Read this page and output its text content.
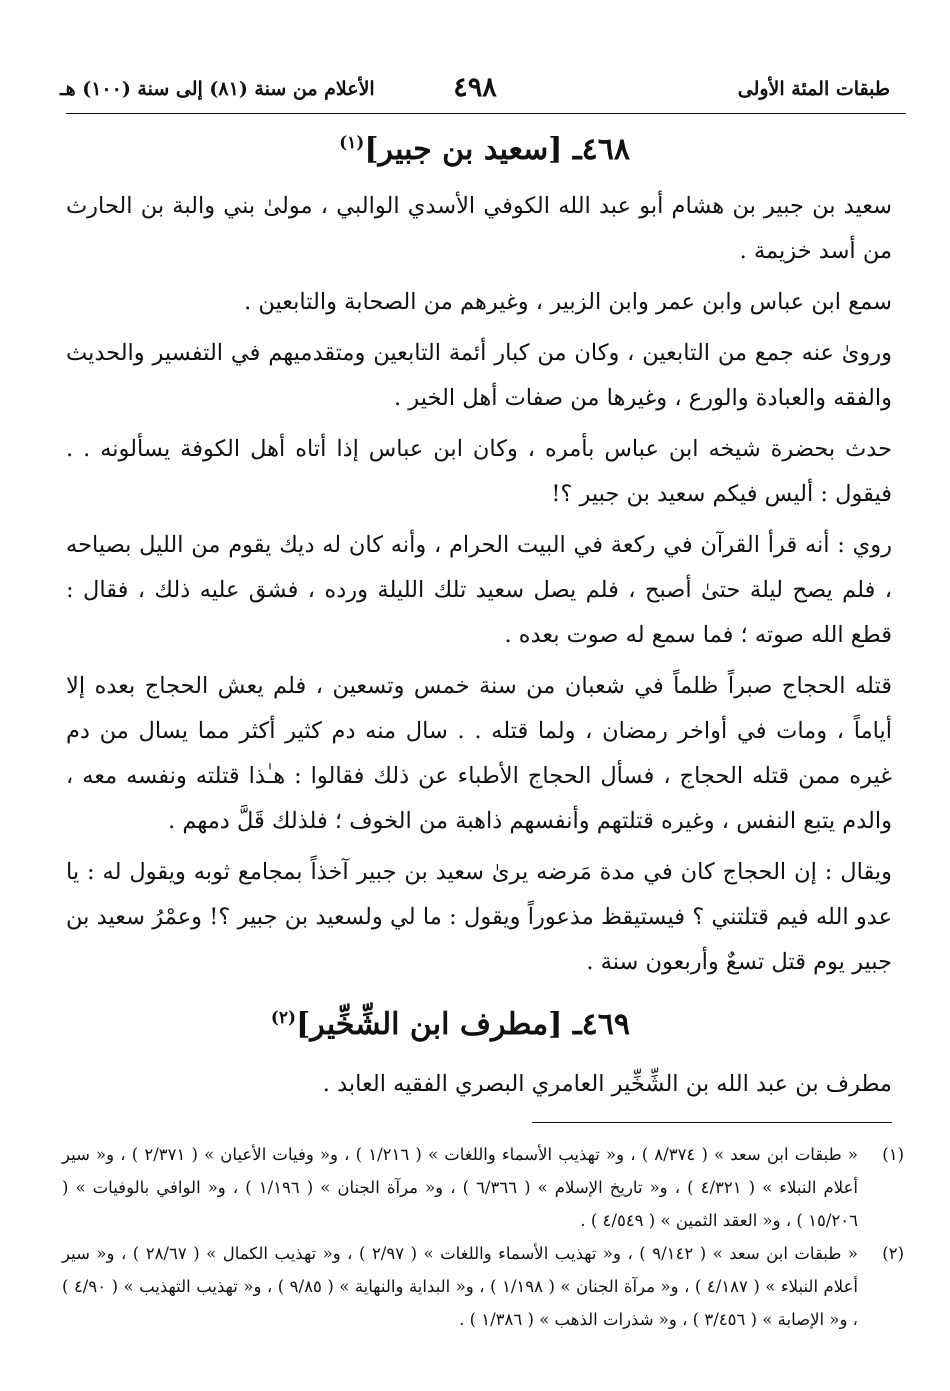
طبقات المئة الأولى
٤٩٨
الأعلام من سنة (٨١) إلى سنة (١٠٠) هـ
٤٦٨ـ [سعيد بن جبير]$^{(١)}$

سعيد بن جبير بن هشام أبو عبد الله الكوفي الأسدي الوالبي ، مولىٰ بني والبة بن الحارث من أسد خزيمة .

سمع ابن عباس وابن عمر وابن الزبير ، وغيرهم من الصحابة والتابعين .

وروىٰ عنه جمع من التابعين ، وكان من كبار أئمة التابعين ومتقدميهم في التفسير والحديث والفقه والعبادة والورع ، وغيرها من صفات أهل الخير .

حدث بحضرة شيخه ابن عباس بأمره ، وكان ابن عباس إذا أتاه أهل الكوفة يسألونه . . فيقول : أليس فيكم سعيد بن جبير ؟!

روي : أنه قرأ القرآن في ركعة في البيت الحرام ، وأنه كان له ديك يقوم من الليل بصياحه ، فلم يصح ليلة حتىٰ أصبح ، فلم يصل سعيد تلك الليلة ورده ، فشق عليه ذلك ، فقال : قطع الله صوته ؛ فما سمع له صوت بعده .

قتله الحجاج صبراً ظلماً في شعبان من سنة خمس وتسعين ، فلم يعش الحجاج بعده إلا أياماً ، ومات في أواخر رمضان ، ولما قتله . . سال منه دم كثير أكثر مما يسال من دم غيره ممن قتله الحجاج ، فسأل الحجاج الأطباء عن ذلك فقالوا : هـٰذا قتلته ونفسه معه ، والدم يتبع النفس ، وغيره قتلتهم وأنفسهم ذاهبة من الخوف ؛ فلذلك قَلَّ دمهم .

ويقال : إن الحجاج كان في مدة مَرضه يرىٰ سعيد بن جبير آخذاً بمجامع ثوبه ويقول له : يا عدو الله فيم قتلتني ؟ فيستيقظ مذعوراً ويقول : ما لي ولسعيد بن جبير ؟! وعمْرُ سعيد بن جبير يوم قتل تسعٌ وأربعون سنة .

٤٦٩ـ [مطرف ابن الشِّخِّير]$^{(٢)}$

مطرف بن عبد الله بن الشِّخِّير العامري البصري الفقيه العابد .

(١)
« طبقات ابن سعد » ( ٨/٣٧٤ ) ، و« تهذيب الأسماء واللغات » ( ١/٢١٦ ) ، و« وفيات الأعيان » ( ٢/٣٧١ ) ، و« سير أعلام النبلاء » ( ٤/٣٢١ ) ، و« تاريخ الإسلام » ( ٦/٣٦٦ ) ، و« مرآة الجنان » ( ١/١٩٦ ) ، و« الوافي بالوفيات » ( ١٥/٢٠٦ ) ، و« العقد الثمين » ( ٤/٥٤٩ ) .
(٢)
« طبقات ابن سعد » ( ٩/١٤٢ ) ، و« تهذيب الأسماء واللغات » ( ٢/٩٧ ) ، و« تهذيب الكمال » ( ٢٨/٦٧ ) ، و« سير أعلام النبلاء » ( ٤/١٨٧ ) ، و« مرآة الجنان » ( ١/١٩٨ ) ، و« البداية والنهاية » ( ٩/٨٥ ) ، و« تهذيب التهذيب » ( ٤/٩٠ ) ، و« الإصابة » ( ٣/٤٥٦ ) ، و« شذرات الذهب » ( ١/٣٨٦ ) .
